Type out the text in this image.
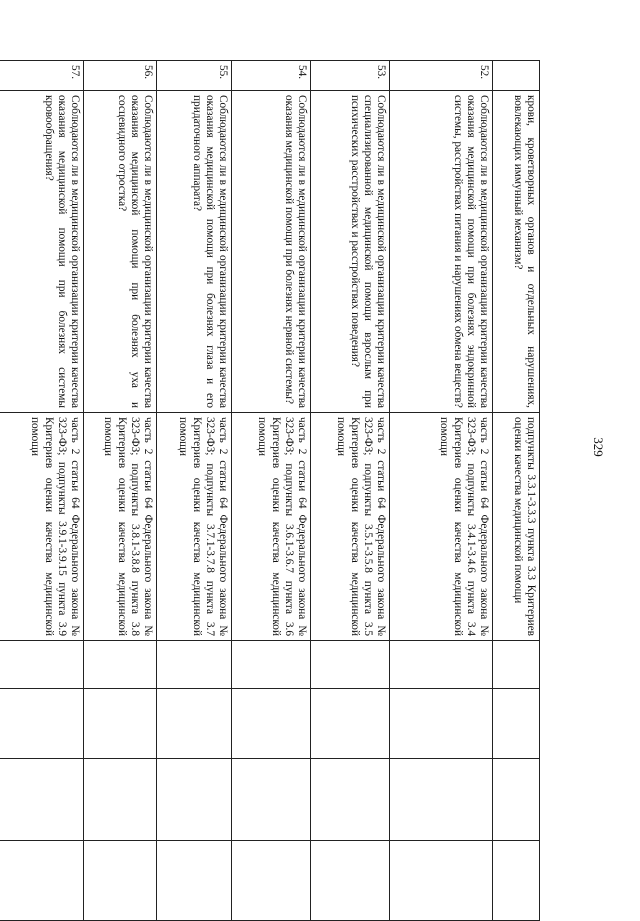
329
	крови, кроветворных органов и отдельных нарушениях, вовлекающих иммунный механизм?	подпункты 3.3.1-3.3.3 пункта 3.3 Критериев оценки качества медицинской помощи				
52.	Соблюдаются ли в медицинской организации критерии качества оказания медицинской помощи при болезнях эндокринной системы, расстройствах питания и нарушениях обмена веществ?	часть 2 статьи 64 Федерального закона № 323-ФЗ; подпункты 3.4.1-3.4.6 пункта 3.4 Критериев оценки качества медицинской помощи				
53.	Соблюдаются ли в медицинской организации критерии качества специализированной медицинской помощи взрослым при психических расстройствах и расстройствах поведения?	часть 2 статьи 64 Федерального закона № 323-ФЗ; подпункты 3.5.1-3.5.8 пункта 3.5 Критериев оценки качества медицинской помощи				
54.	Соблюдаются ли в медицинской организации критерии качества оказания медицинской помощи при болезнях нервной системы?	часть 2 статьи 64 Федерального закона № 323-ФЗ; подпункты 3.6.1-3.6.7 пункта 3.6 Критериев оценки качества медицинской помощи				
55.	Соблюдаются ли в медицинской организации критерии качества оказания медицинской помощи при болезнях глаза и его придаточного аппарата?	часть 2 статьи 64 Федерального закона № 323-ФЗ; подпункты 3.7.1-3.7.8 пункта 3.7 Критериев оценки качества медицинской помощи				
56.	Соблюдаются ли в медицинской организации критерии качества оказания медицинской помощи при болезнях уха и сосцевидного отростка?	часть 2 статьи 64 Федерального закона № 323-ФЗ; подпункты 3.8.1-3.8.8 пункта 3.8 Критериев оценки качества медицинской помощи				
57.	Соблюдаются ли в медицинской организации критерии качества оказания медицинской помощи при болезнях системы кровообращения?	часть 2 статьи 64 Федерального закона № 323-ФЗ; подпункты 3.9.1-3.9.15 пункта 3.9 Критериев оценки качества медицинской помощи				
